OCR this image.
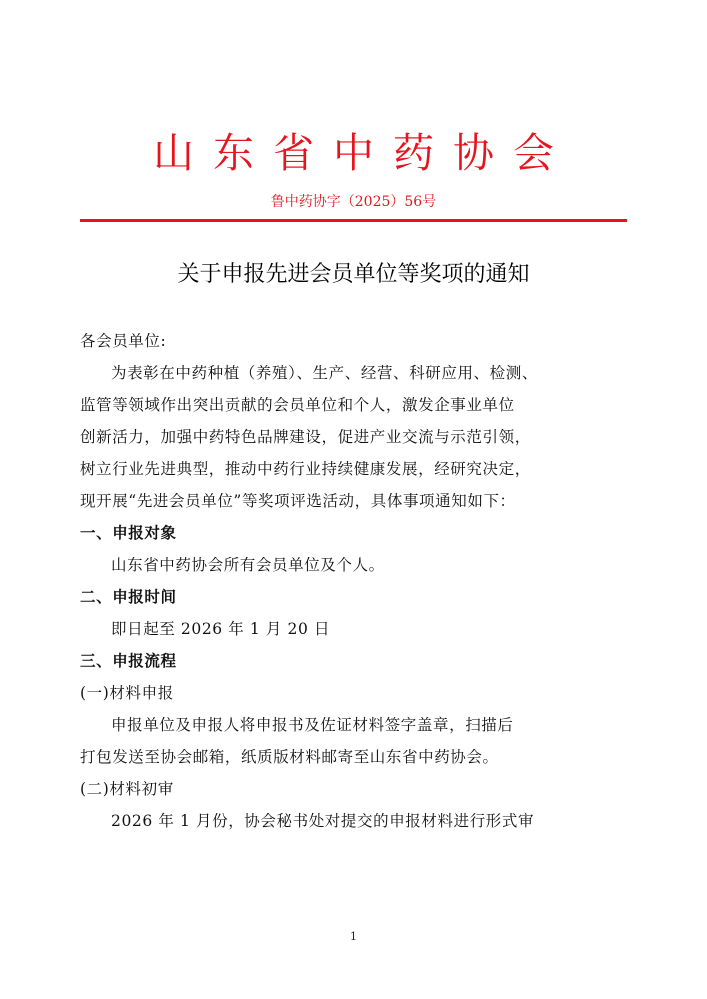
山东省中药协会
鲁中药协字（2025）56号
关于申报先进会员单位等奖项的通知
各会员单位:
为表彰在中药种植（养殖）、生产、经营、科研应用、检测、
监管等领域作出突出贡献的会员单位和个人，激发企事业单位
创新活力，加强中药特色品牌建设，促进产业交流与示范引领，
树立行业先进典型，推动中药行业持续健康发展，经研究决定，
现开展“先进会员单位”等奖项评选活动，具体事项通知如下：
一、申报对象
山东省中药协会所有会员单位及个人。
二、申报时间
即日起至 2026 年 1 月 20 日
三、申报流程
(一)材料申报
申报单位及申报人将申报书及佐证材料签字盖章，扫描后
打包发送至协会邮箱，纸质版材料邮寄至山东省中药协会。
(二)材料初审
2026 年 1 月份，协会秘书处对提交的申报材料进行形式审
1
